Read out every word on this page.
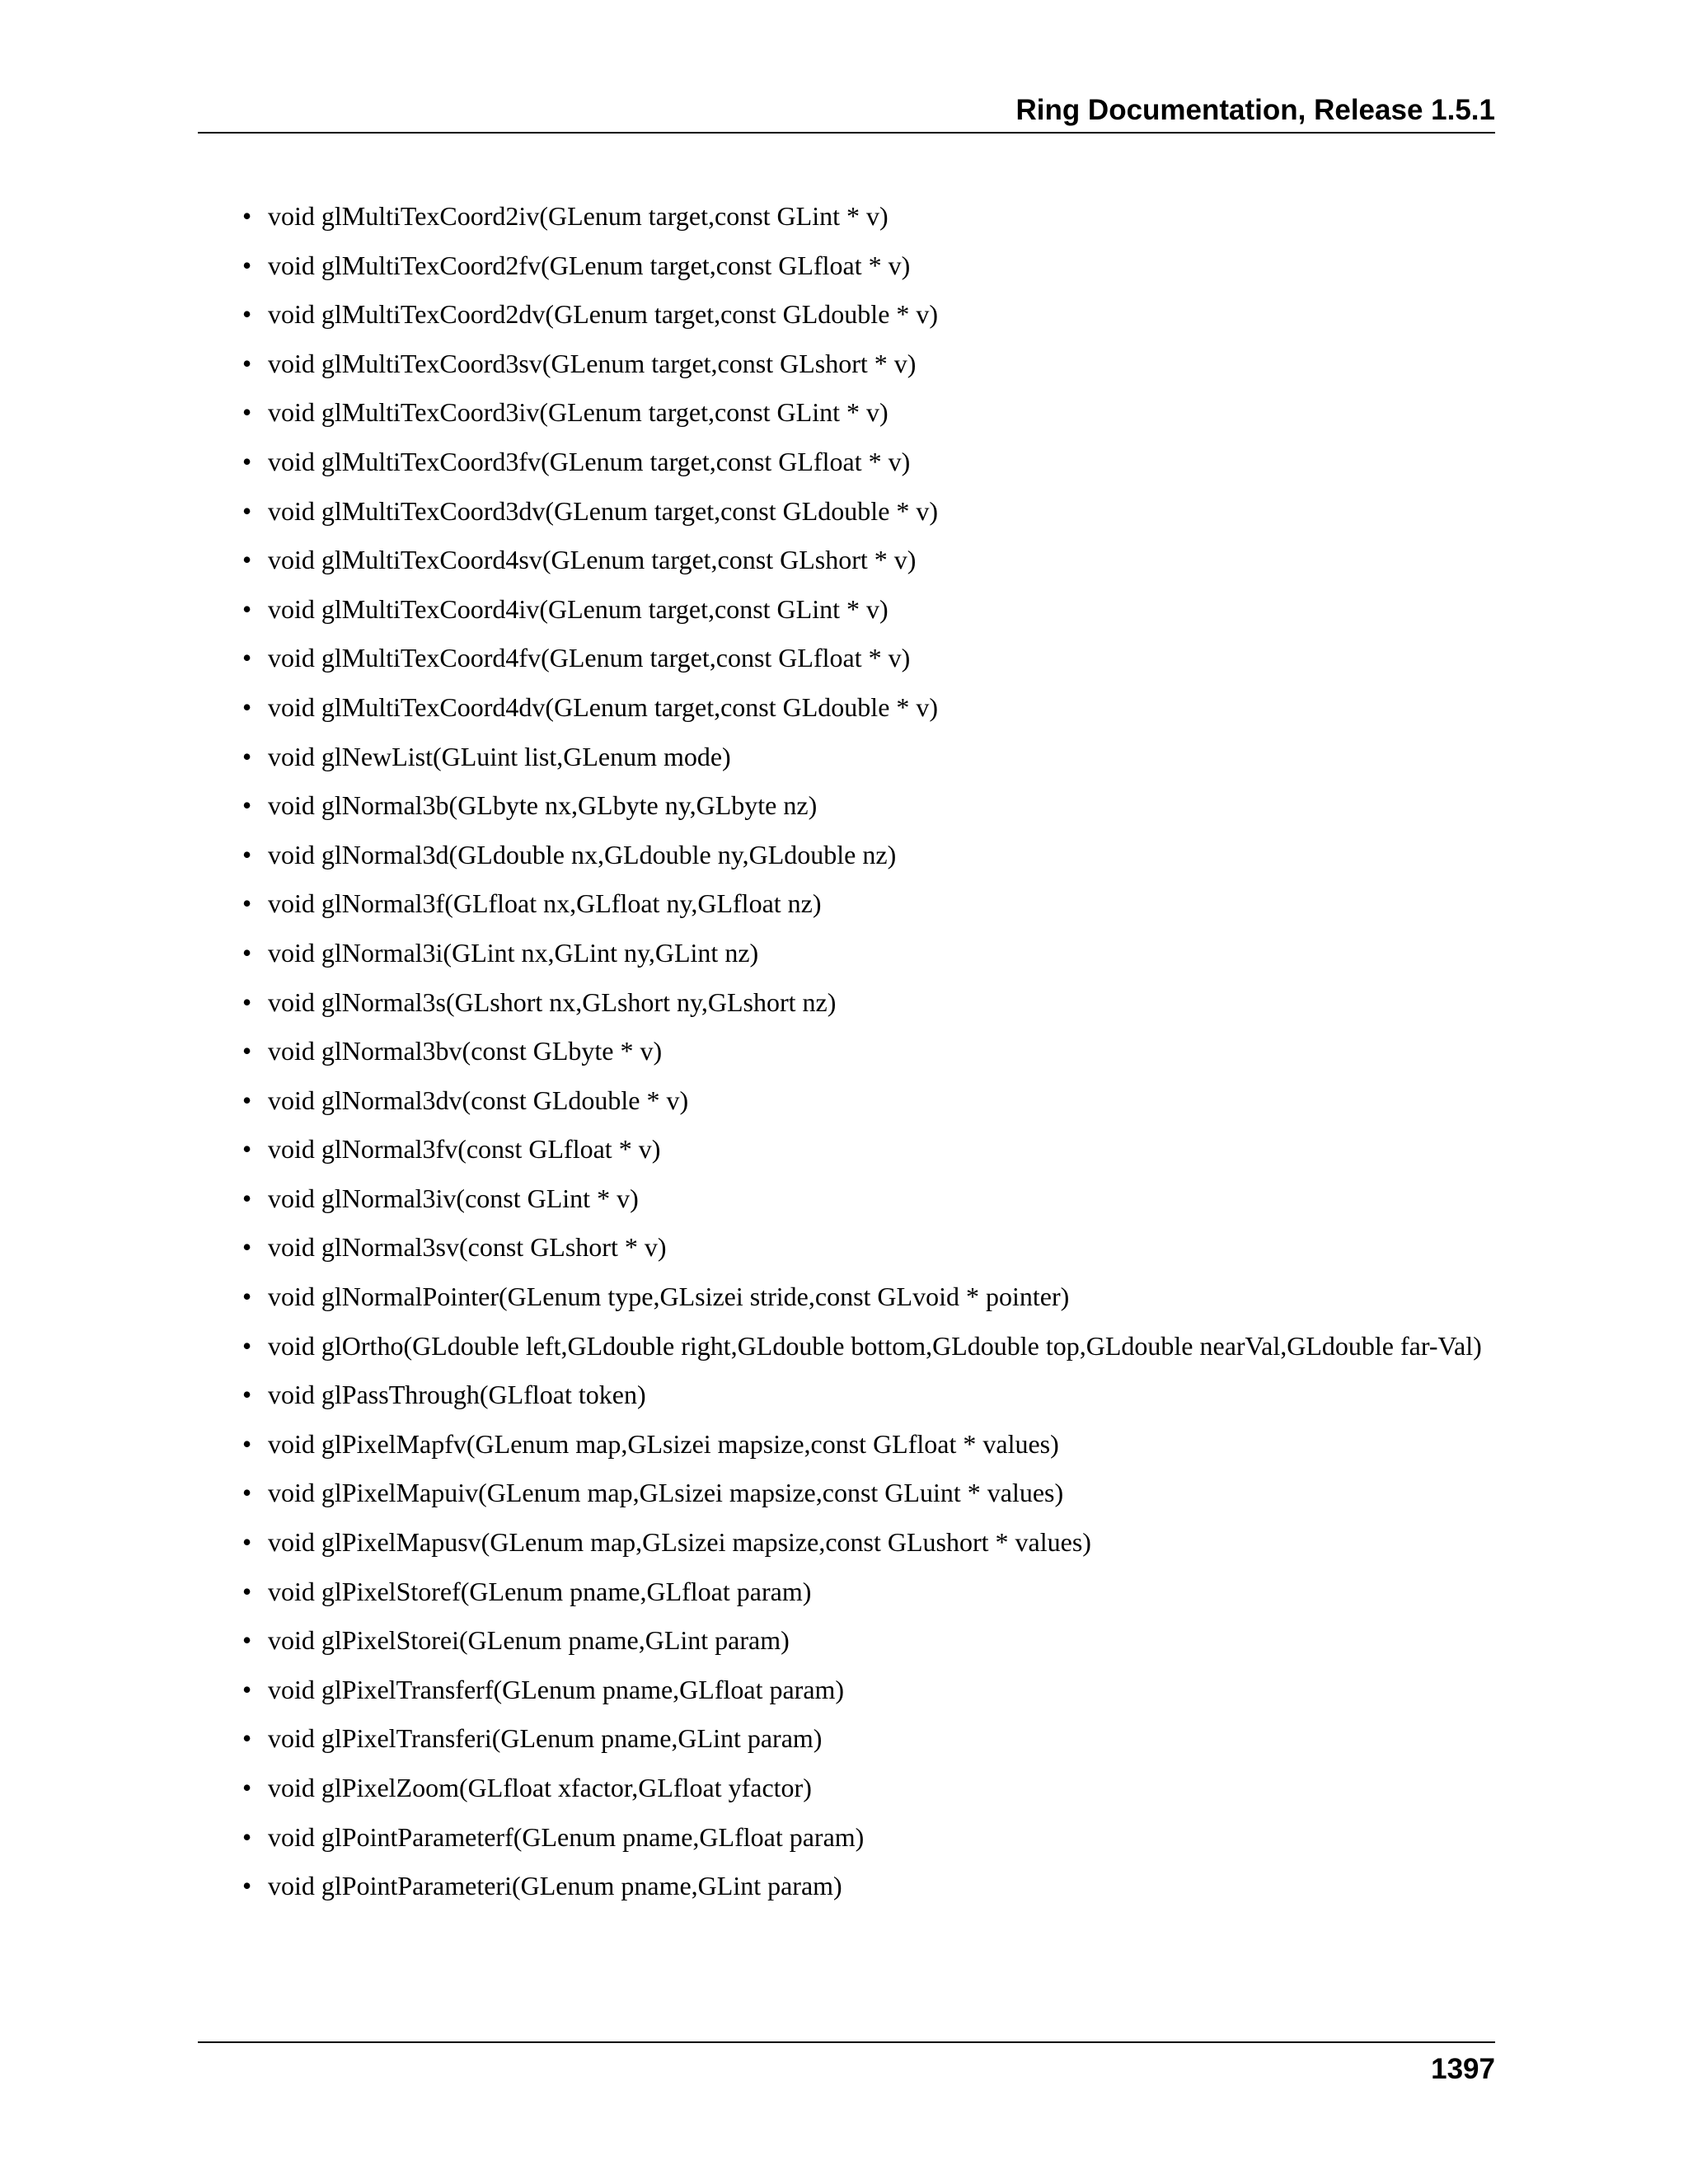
Ring Documentation, Release 1.5.1
• void glMultiTexCoord2iv(GLenum target,const GLint * v)
• void glMultiTexCoord2fv(GLenum target,const GLfloat * v)
• void glMultiTexCoord2dv(GLenum target,const GLdouble * v)
• void glMultiTexCoord3sv(GLenum target,const GLshort * v)
• void glMultiTexCoord3iv(GLenum target,const GLint * v)
• void glMultiTexCoord3fv(GLenum target,const GLfloat * v)
• void glMultiTexCoord3dv(GLenum target,const GLdouble * v)
• void glMultiTexCoord4sv(GLenum target,const GLshort * v)
• void glMultiTexCoord4iv(GLenum target,const GLint * v)
• void glMultiTexCoord4fv(GLenum target,const GLfloat * v)
• void glMultiTexCoord4dv(GLenum target,const GLdouble * v)
• void glNewList(GLuint list,GLenum mode)
• void glNormal3b(GLbyte nx,GLbyte ny,GLbyte nz)
• void glNormal3d(GLdouble nx,GLdouble ny,GLdouble nz)
• void glNormal3f(GLfloat nx,GLfloat ny,GLfloat nz)
• void glNormal3i(GLint nx,GLint ny,GLint nz)
• void glNormal3s(GLshort nx,GLshort ny,GLshort nz)
• void glNormal3bv(const GLbyte * v)
• void glNormal3dv(const GLdouble * v)
• void glNormal3fv(const GLfloat * v)
• void glNormal3iv(const GLint * v)
• void glNormal3sv(const GLshort * v)
• void glNormalPointer(GLenum type,GLsizei stride,const GLvoid * pointer)
• void glOrtho(GLdouble left,GLdouble right,GLdouble bottom,GLdouble top,GLdouble nearVal,GLdouble far-Val)
• void glPassThrough(GLfloat token)
• void glPixelMapfv(GLenum map,GLsizei mapsize,const GLfloat * values)
• void glPixelMapuiv(GLenum map,GLsizei mapsize,const GLuint * values)
• void glPixelMapusv(GLenum map,GLsizei mapsize,const GLushort * values)
• void glPixelStoref(GLenum pname,GLfloat param)
• void glPixelStorei(GLenum pname,GLint param)
• void glPixelTransferf(GLenum pname,GLfloat param)
• void glPixelTransferi(GLenum pname,GLint param)
• void glPixelZoom(GLfloat xfactor,GLfloat yfactor)
• void glPointParameterf(GLenum pname,GLfloat param)
• void glPointParameteri(GLenum pname,GLint param)
1397
